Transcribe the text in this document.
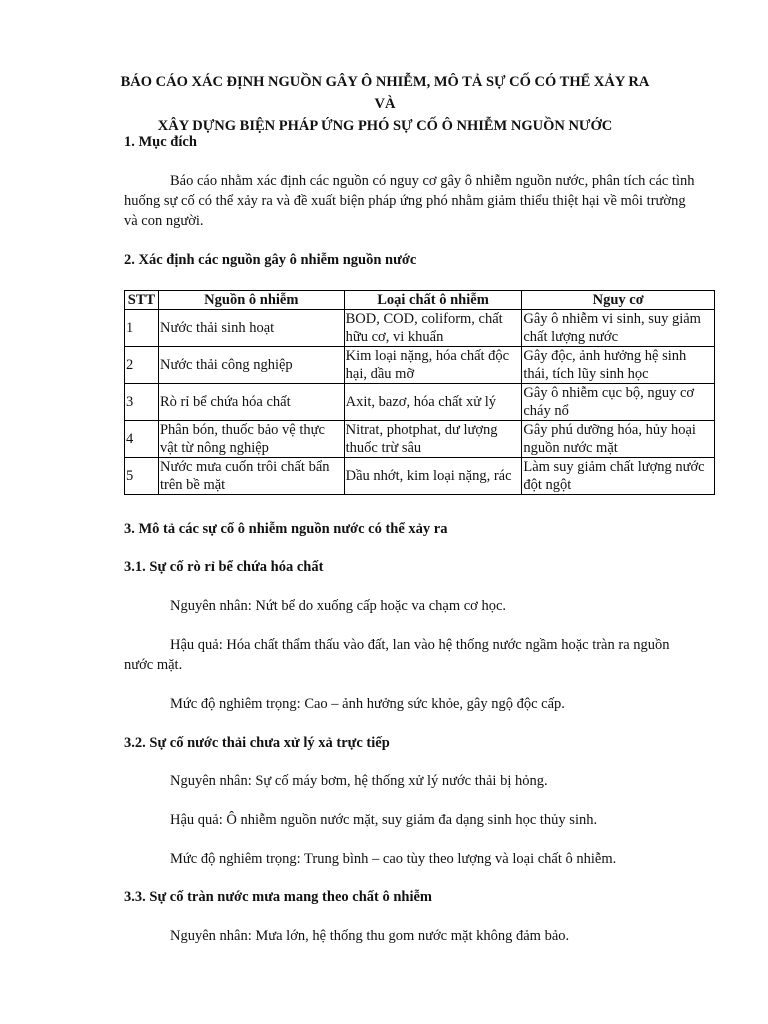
BÁO CÁO XÁC ĐỊNH NGUỒN GÂY Ô NHIỄM, MÔ TẢ SỰ CỐ CÓ THỂ XẢY RA VÀ
XÂY DỰNG BIỆN PHÁP ỨNG PHÓ SỰ CỐ Ô NHIỄM NGUỒN NƯỚC
1. Mục đích
Báo cáo nhằm xác định các nguồn có nguy cơ gây ô nhiễm nguồn nước, phân tích các tình huống sự cố có thể xảy ra và đề xuất biện pháp ứng phó nhằm giảm thiểu thiệt hại về môi trường và con người.
2. Xác định các nguồn gây ô nhiễm nguồn nước
STT	Nguồn ô nhiễm	Loại chất ô nhiễm	Nguy cơ
1	Nước thải sinh hoạt	BOD, COD, coliform, chất hữu cơ, vi khuẩn	Gây ô nhiễm vi sinh, suy giảm chất lượng nước
2	Nước thải công nghiệp	Kim loại nặng, hóa chất độc hại, dầu mỡ	Gây độc, ảnh hưởng hệ sinh thái, tích lũy sinh học
3	Rò rỉ bể chứa hóa chất	Axit, bazơ, hóa chất xử lý	Gây ô nhiễm cục bộ, nguy cơ cháy nổ
4	Phân bón, thuốc bảo vệ thực vật từ nông nghiệp	Nitrat, photphat, dư lượng thuốc trừ sâu	Gây phú dưỡng hóa, hủy hoại nguồn nước mặt
5	Nước mưa cuốn trôi chất bẩn trên bề mặt	Dầu nhớt, kim loại nặng, rác	Làm suy giảm chất lượng nước đột ngột
3. Mô tả các sự cố ô nhiễm nguồn nước có thể xảy ra
3.1. Sự cố rò rỉ bể chứa hóa chất
Nguyên nhân: Nứt bể do xuống cấp hoặc va chạm cơ học.
Hậu quả: Hóa chất thẩm thấu vào đất, lan vào hệ thống nước ngầm hoặc tràn ra nguồn nước mặt.
Mức độ nghiêm trọng: Cao – ảnh hưởng sức khỏe, gây ngộ độc cấp.
3.2. Sự cố nước thải chưa xử lý xả trực tiếp
Nguyên nhân: Sự cố máy bơm, hệ thống xử lý nước thải bị hỏng.
Hậu quả: Ô nhiễm nguồn nước mặt, suy giảm đa dạng sinh học thủy sinh.
Mức độ nghiêm trọng: Trung bình – cao tùy theo lượng và loại chất ô nhiễm.
3.3. Sự cố tràn nước mưa mang theo chất ô nhiễm
Nguyên nhân: Mưa lớn, hệ thống thu gom nước mặt không đảm bảo.
